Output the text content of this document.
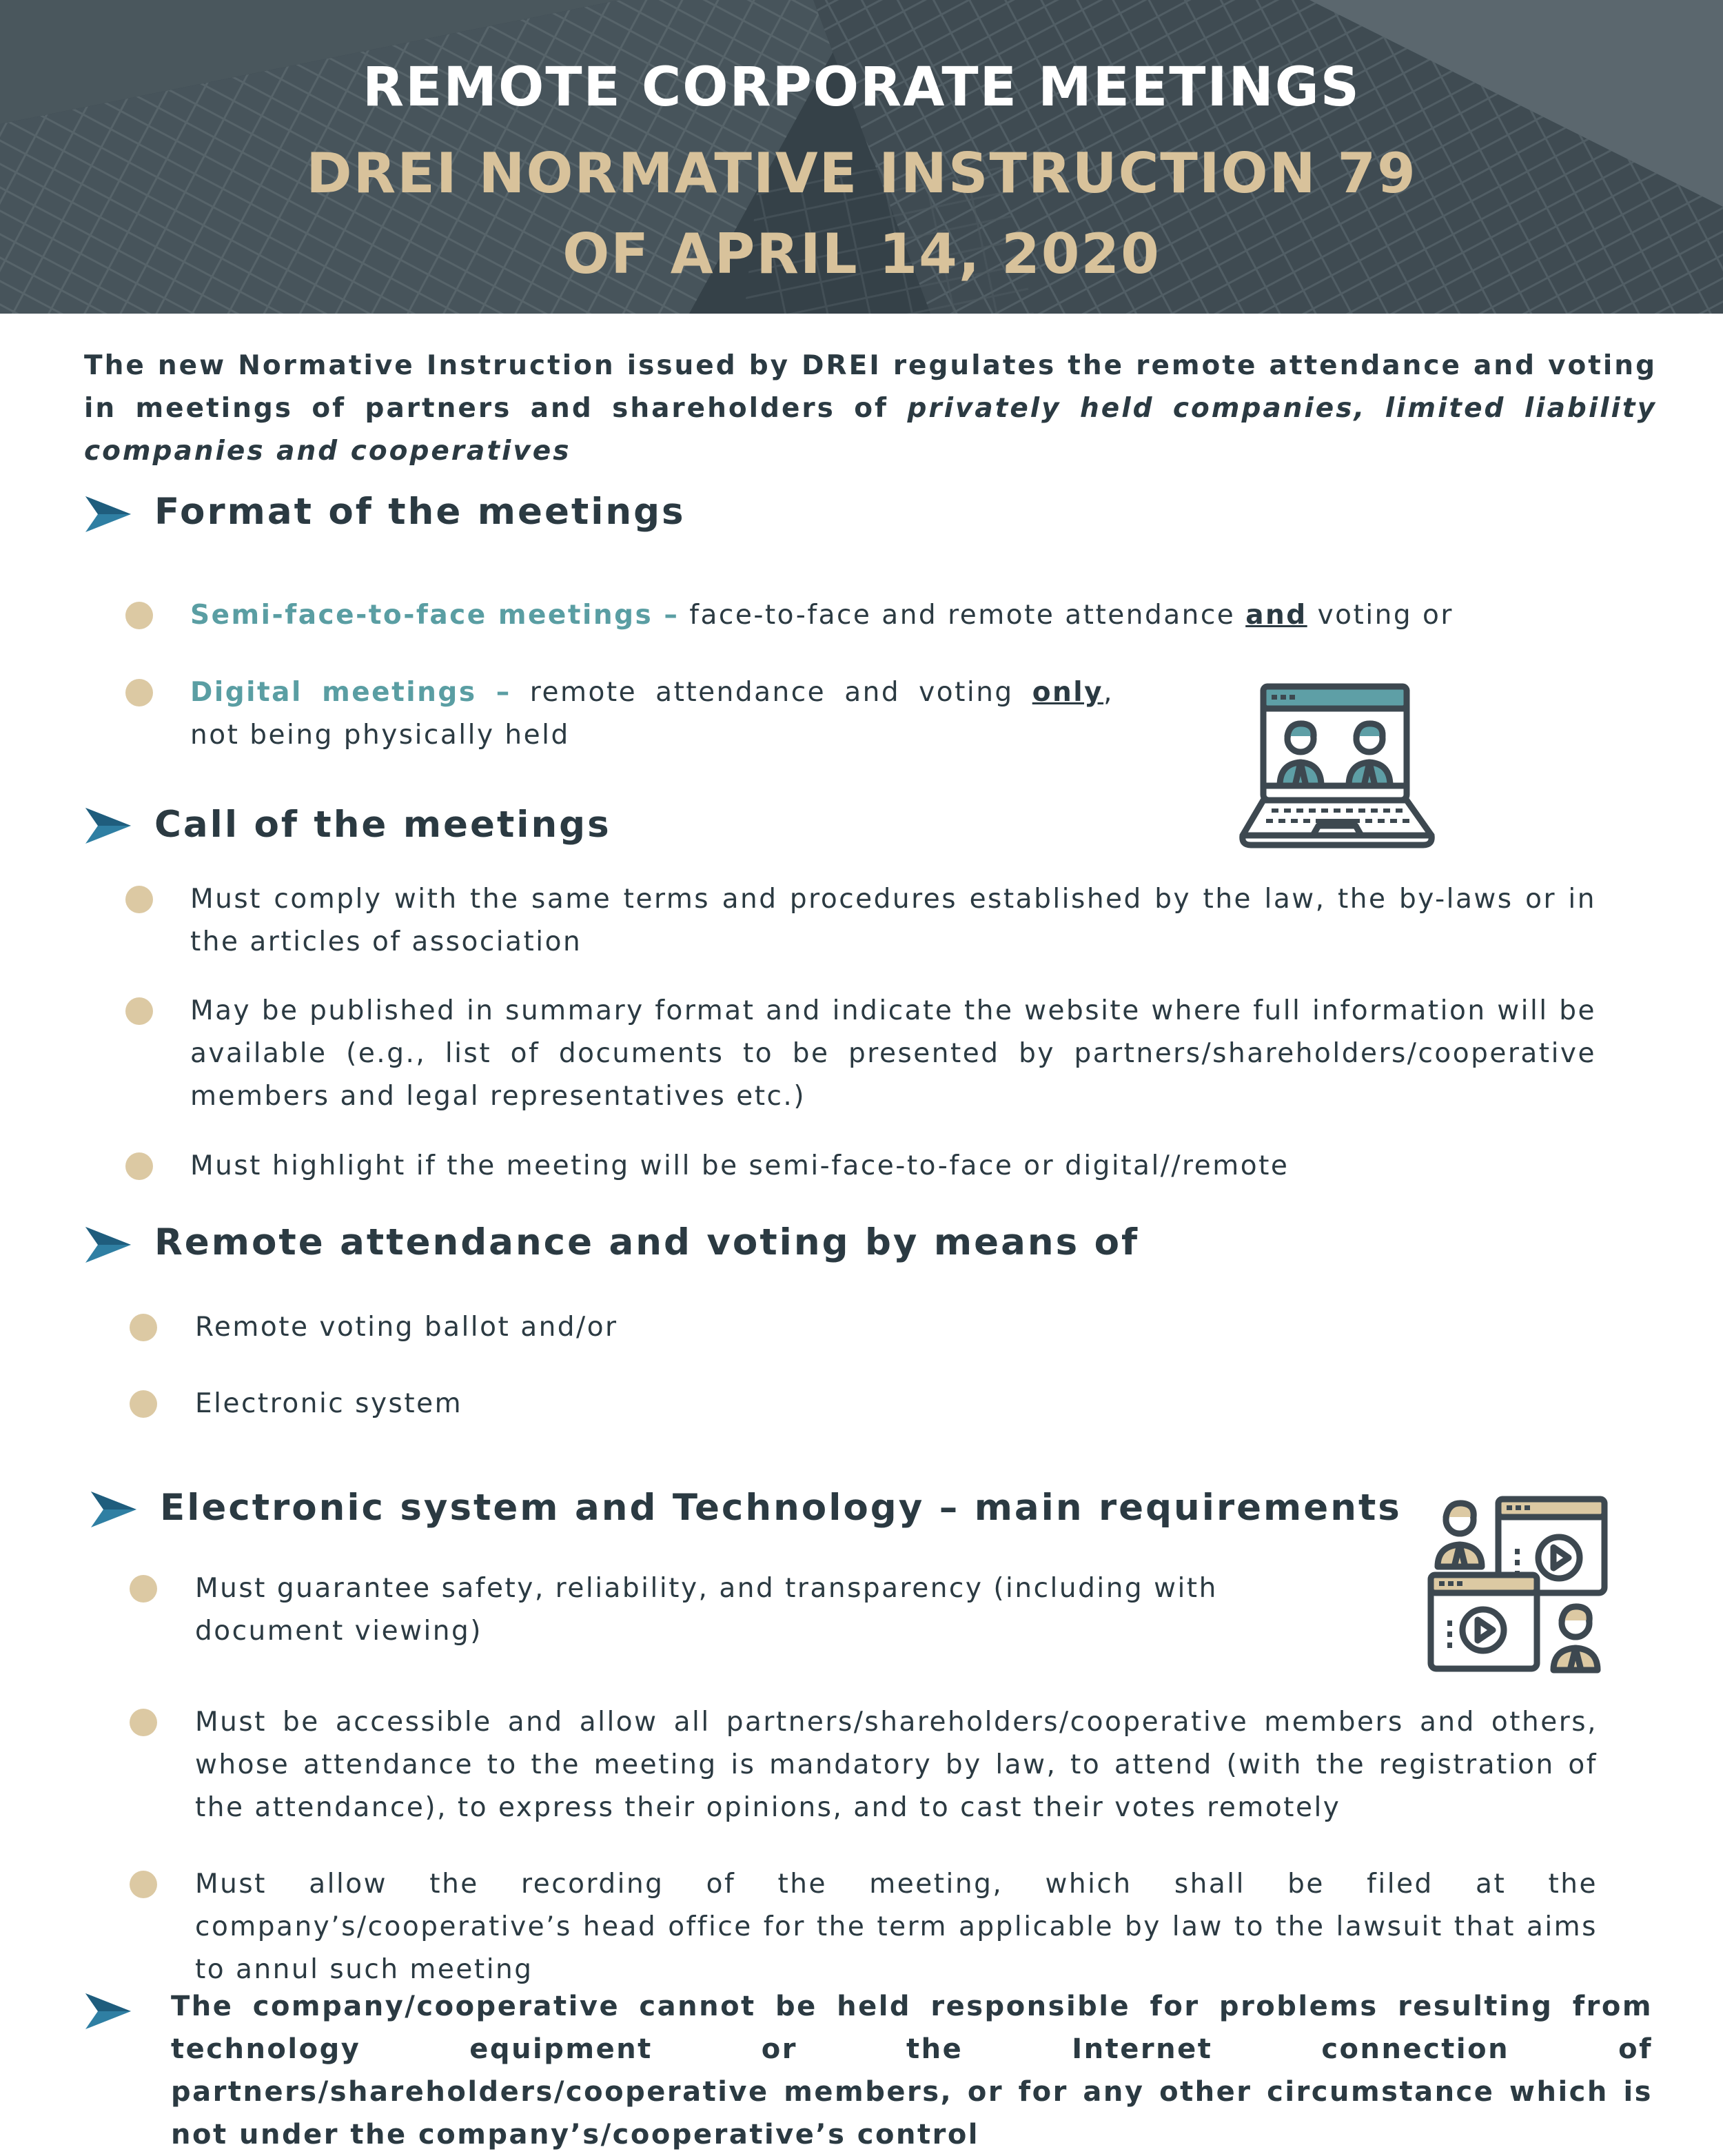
REMOTE CORPORATE MEETINGS
DREI NORMATIVE INSTRUCTION 79
OF APRIL 14, 2020
The new Normative Instruction issued by DREI regulates the remote attendance and voting in meetings of partners and shareholders of privately held companies, limited liability companies and cooperatives
Format of the meetings
Semi-face-to-face meetings – face-to-face and remote attendance and voting or
Digital meetings – remote attendance and voting only, not being physically held
Call of the meetings
Must comply with the same terms and procedures established by the law, the by-laws or in the articles of association
May be published in summary format and indicate the website where full information will be available (e.g., list of documents to be presented by partners/shareholders/cooperative members and legal representatives etc.)
Must highlight if the meeting will be semi-face-to-face or digital//remote
Remote attendance and voting by means of
Remote voting ballot and/or
Electronic system
Electronic system and Technology – main requirements
Must guarantee safety, reliability, and transparency (including with document viewing)
Must be accessible and allow all partners/shareholders/cooperative members and others, whose attendance to the meeting is mandatory by law, to attend (with the registration of the attendance), to express their opinions, and to cast their votes remotely
Must allow the recording of the meeting, which shall be filed at the company’s/cooperative’s head office for the term applicable by law to the lawsuit that aims to annul such meeting
The company/cooperative cannot be held responsible for problems resulting from technology equipment or the Internet connection of partners/shareholders/cooperative members, or for any other circumstance which is not under the company’s/cooperative’s control
